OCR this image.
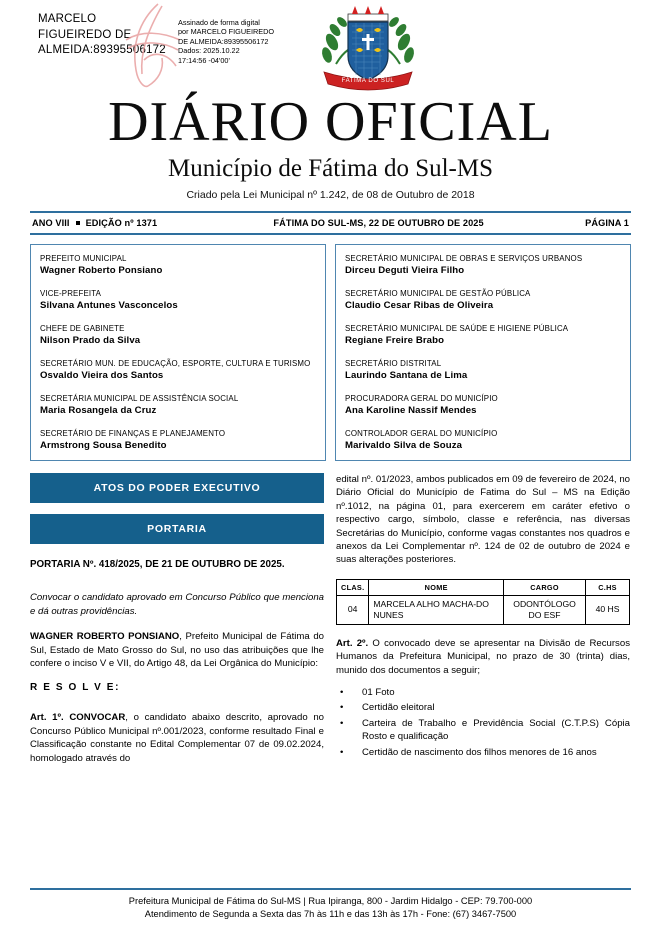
MARCELO FIGUEIREDO DE ALMEIDA:89395506172
Assinado de forma digital
por MARCELO FIGUEIREDO
DE ALMEIDA:89395506172
Dados: 2025.10.22
17:14:56 -04'00'
FATIMA DO SUL
DIÁRIO OFICIAL
Município de Fátima do Sul-MS
Criado pela Lei Municipal nº 1.242, de 08 de Outubro de 2018
ANO VIII EDIÇÃO nº 1371	FÁTIMA DO SUL-MS, 22 DE OUTUBRO DE 2025	PÁGINA 1
PREFEITO MUNICIPAL
Wagner Roberto Ponsiano
VICE-PREFEITA
Silvana Antunes Vasconcelos
CHEFE DE GABINETE
Nilson Prado da Silva
SECRETÁRIO MUN. DE EDUCAÇÃO, ESPORTE, CULTURA E TURISMO
Osvaldo Vieira dos Santos
SECRETÁRIA MUNICIPAL DE ASSISTÊNCIA SOCIAL
Maria Rosangela da Cruz
SECRETÁRIO DE FINANÇAS E PLANEJAMENTO
Armstrong Sousa Benedito
SECRETÁRIO MUNICIPAL DE OBRAS E SERVIÇOS URBANOS
Dirceu Deguti Vieira Filho
SECRETÁRIO MUNICIPAL DE GESTÃO PÚBLICA
Claudio Cesar Ribas de Oliveira
SECRETÁRIO MUNICIPAL DE SAÚDE E HIGIENE PÚBLICA
Regiane Freire Brabo
SECRETÁRIO DISTRITAL
Laurindo Santana de Lima
PROCURADORA GERAL DO MUNICÍPIO
Ana Karoline Nassif Mendes
CONTROLADOR GERAL DO MUNICÍPIO
Marivaldo Silva de Souza
ATOS DO PODER EXECUTIVO
PORTARIA
PORTARIA Nº. 418/2025, DE 21 DE OUTUBRO DE 2025.

Convocar o candidato aprovado em Concurso Público que menciona e dá outras providências.

WAGNER ROBERTO PONSIANO, Prefeito Municipal de Fátima do Sul, Estado de Mato Grosso do Sul, no uso das atribuições que lhe confere o inciso V e VII, do Artigo 48, da Lei Orgânica do Município:

R E S O L V E:

Art. 1º. CONVOCAR, o candidato abaixo descrito, aprovado no Concurso Público Municipal nº.001/2023, conforme resultado Final e Classificação constante no Edital Complementar 07 de 09.02.2024, homologado através do

edital nº. 01/2023, ambos publicados em 09 de fevereiro de 2024, no Diário Oficial do Município de Fatima do Sul – MS na Edição nº.1012, na página 01, para exercerem em caráter efetivo o respectivo cargo, símbolo, classe e referência, nas diversas Secretárias do Município, conforme vagas constantes nos quadros e anexos da Lei Complementar nº. 124 de 02 de outubro de 2024 e suas alterações posteriores.

CLAS.	NOME	CARGO	C.HS
04	MARCELA ALHO MACHA-DO NUNES	ODONTÓLOGO DO ESF	40 HS

Art. 2º. O convocado deve se apresentar na Divisão de Recursos Humanos da Prefeitura Municipal, no prazo de 30 (trinta) dias, munido dos documentos a seguir;

•	01 Foto
•	Certidão eleitoral
•	Carteira de Trabalho e Previdência Social (C.T.P.S) Cópia Rosto e qualificação
•	Certidão de nascimento dos filhos menores de 16 anos
Prefeitura Municipal de Fátima do Sul-MS | Rua Ipiranga, 800 - Jardim Hidalgo - CEP: 79.700-000
Atendimento de Segunda a Sexta das 7h às 11h e das 13h às 17h - Fone: (67) 3467-7500
